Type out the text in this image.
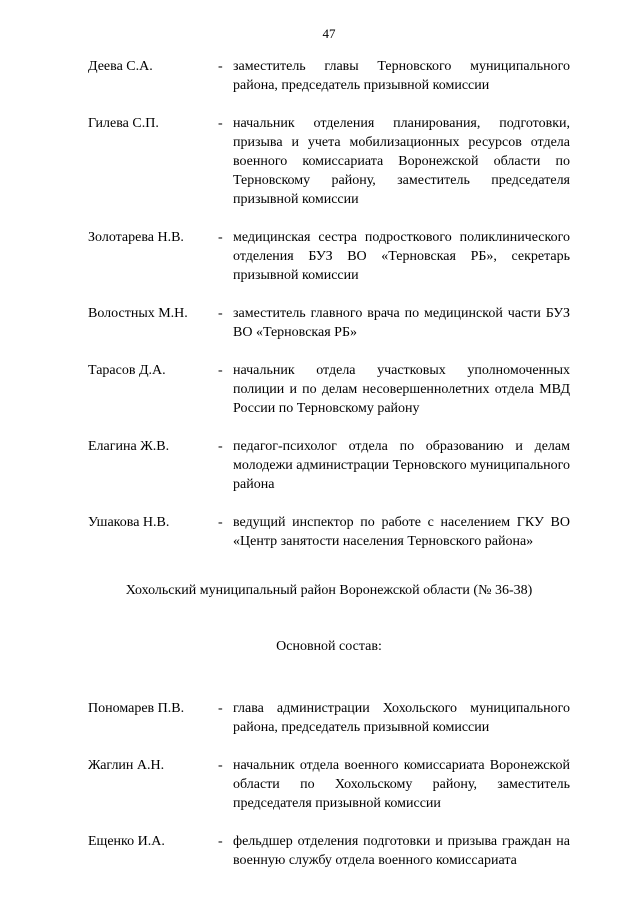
47
Деева С.А.	- заместитель главы Терновского муниципального района, председатель призывной комиссии
Гилева С.П.	- начальник отделения планирования, подготовки, призыва и учета мобилизационных ресурсов отдела военного комиссариата Воронежской области по Терновскому району, заместитель председателя призывной комиссии
Золотарева Н.В.	- медицинская сестра подросткового поликлинического отделения БУЗ ВО «Терновская РБ», секретарь призывной комиссии
Волостных М.Н.	- заместитель главного врача по медицинской части БУЗ ВО «Терновская РБ»
Тарасов Д.А.	- начальник отдела участковых уполномоченных полиции и по делам несовершеннолетних отдела МВД России по Терновскому району
Елагина Ж.В.	- педагог-психолог отдела по образованию и делам молодежи администрации Терновского муниципального района
Ушакова Н.В.	- ведущий инспектор по работе с населением ГКУ ВО «Центр занятости населения Терновского района»
Хохольский муниципальный район Воронежской области (№ 36-38)
Основной состав:
Пономарев П.В.	- глава администрации Хохольского муниципального района, председатель призывной комиссии
Жаглин А.Н.	- начальник отдела военного комиссариата Воронежской области по Хохольскому району, заместитель председателя призывной комиссии
Ещенко И.А.	- фельдшер отделения подготовки и призыва граждан на военную службу отдела военного комиссариата
